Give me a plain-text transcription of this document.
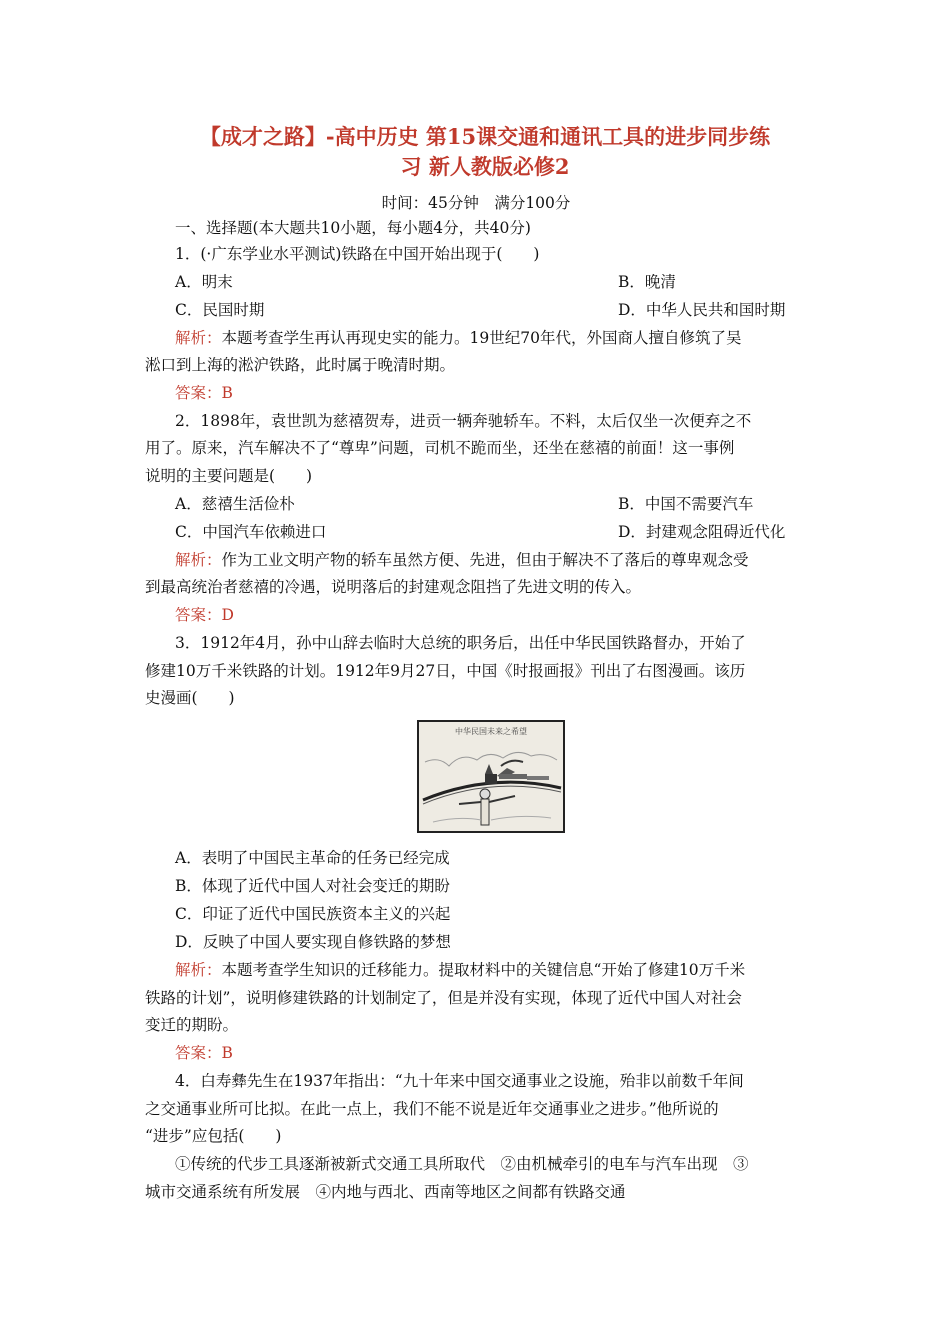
【成才之路】-高中历史 第15课交通和通讯工具的进步同步练
习 新人教版必修2
时间：45分钟　满分100分
一、选择题(本大题共10小题，每小题4分，共40分)
1．(·广东学业水平测试)铁路在中国开始出现于(　　)
A．明末	B．晚清
C．民国时期	D．中华人民共和国时期
解析：本题考查学生再认再现史实的能力。19世纪70年代，外国商人擅自修筑了吴
淞口到上海的淞沪铁路，此时属于晚清时期。
答案：B
2．1898年，袁世凯为慈禧贺寿，进贡一辆奔驰轿车。不料，太后仅坐一次便弃之不
用了。原来，汽车解决不了“尊卑”问题，司机不跪而坐，还坐在慈禧的前面！这一事例
说明的主要问题是(　　)
A．慈禧生活俭朴	B．中国不需要汽车
C．中国汽车依赖进口	D．封建观念阻碍近代化
解析：作为工业文明产物的轿车虽然方便、先进，但由于解决不了落后的尊卑观念受
到最高统治者慈禧的冷遇，说明落后的封建观念阻挡了先进文明的传入。
答案：D
3．1912年4月，孙中山辞去临时大总统的职务后，出任中华民国铁路督办，开始了
修建10万千米铁路的计划。1912年9月27日，中国《时报画报》刊出了右图漫画。该历
史漫画(　　)
中华民国未来之希望
A．表明了中国民主革命的任务已经完成
B．体现了近代中国人对社会变迁的期盼
C．印证了近代中国民族资本主义的兴起
D．反映了中国人要实现自修铁路的梦想
解析：本题考查学生知识的迁移能力。提取材料中的关键信息“开始了修建10万千米
铁路的计划”，说明修建铁路的计划制定了，但是并没有实现，体现了近代中国人对社会
变迁的期盼。
答案：B
4．白寿彝先生在1937年指出：“九十年来中国交通事业之设施，殆非以前数千年间
之交通事业所可比拟。在此一点上，我们不能不说是近年交通事业之进步。”他所说的
“进步”应包括(　　)
①传统的代步工具逐渐被新式交通工具所取代　②由机械牵引的电车与汽车出现　③
城市交通系统有所发展　④内地与西北、西南等地区之间都有铁路交通
